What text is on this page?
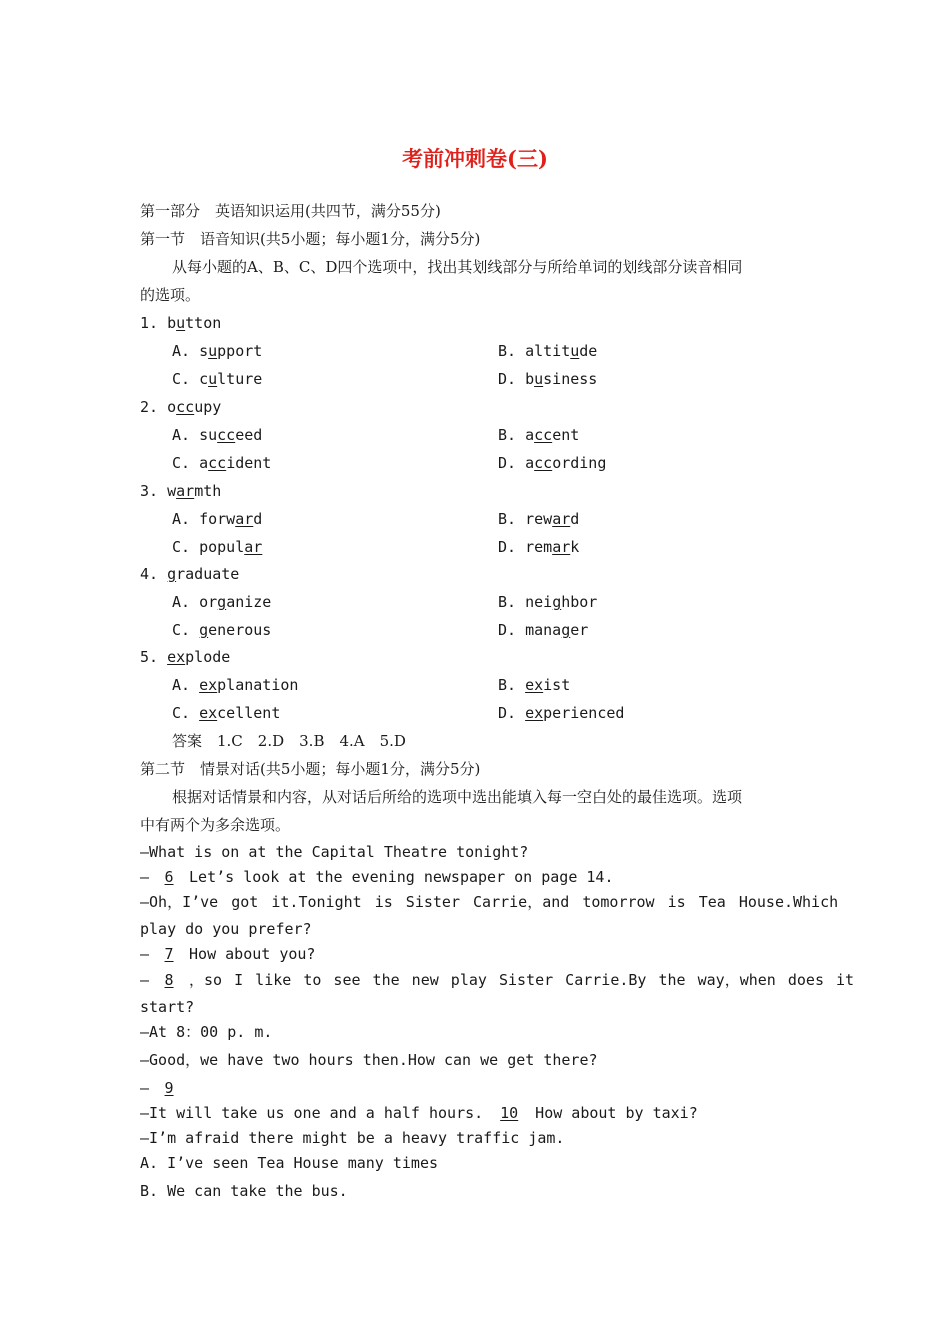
考前冲刺卷(三)
第一部分　英语知识运用(共四节，满分55分)
第一节　语音知识(共5小题；每小题1分，满分5分)
从每小题的A、B、C、D四个选项中，找出其划线部分与所给单词的划线部分读音相同
的选项。
1. button
A. support	B. altitude
C. culture	D. business
2. occupy
A. succeed	B. accent
C. accident	D. according
3. warmth
A. forward	B. reward
C. popular	D. remark
4. graduate
A. organize	B. neighbor
C. generous	D. manager
5. explode
A. explanation	B. exist
C. excellent	D. experienced
答案　1.C　2.D　3.B　4.A　5.D
第二节　情景对话(共5小题；每小题1分，满分5分)
根据对话情景和内容，从对话后所给的选项中选出能填入每一空白处的最佳选项。选项
中有两个为多余选项。
—What is on at the Capital Theatre tonight?
— 6 Let’s look at the evening newspaper on page 14.
—Oh，I’ve got it.Tonight is Sister Carrie，and tomorrow is Tea House.Which
play do you prefer?
— 7 How about you?
— 8 ，so I like to see the new play Sister Carrie.By the way，when does it
start?
—At 8：00 p. m.
—Good，we have two hours then.How can we get there?
— 9
—It will take us one and a half hours. 10 How about by taxi?
—I’m afraid there might be a heavy traffic jam.
A. I’ve seen Tea House many times
B. We can take the bus.
